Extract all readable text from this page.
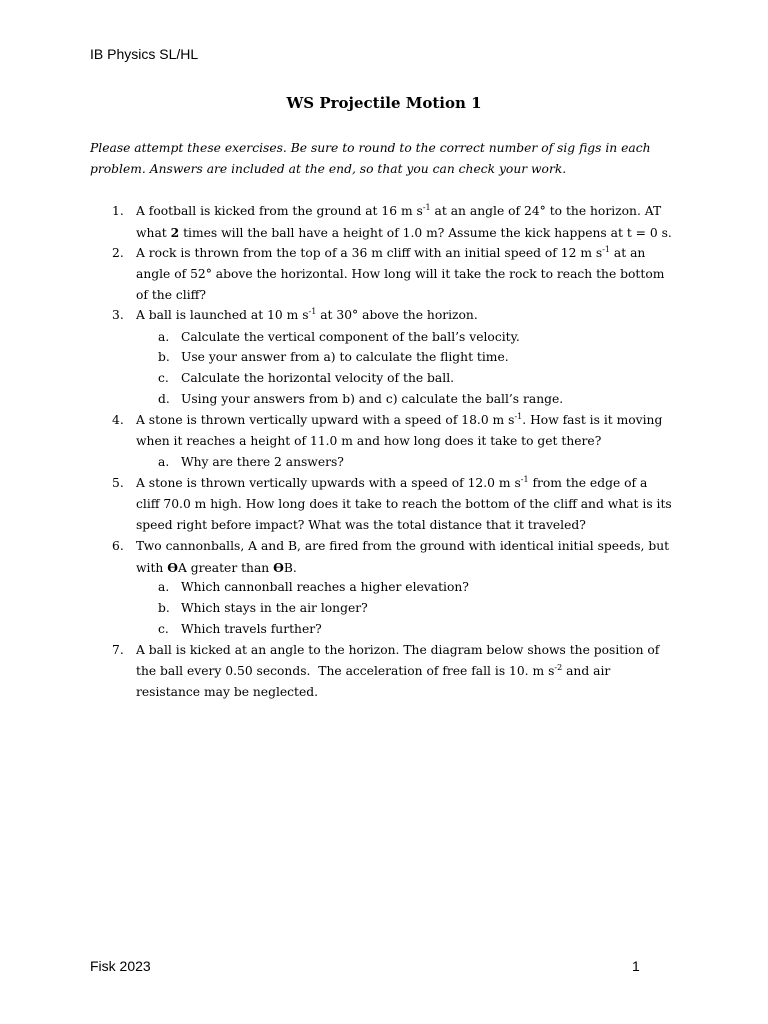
IB Physics SL/HL
WS Projectile Motion 1
Please attempt these exercises. Be sure to round to the correct number of sig figs in each problem. Answers are included at the end, so that you can check your work.
1. A football is kicked from the ground at 16 m $s^{-1}$ at an angle of 24° to the horizon. AT
what 2 times will the ball have a height of 1.0 m? Assume the kick happens at t = 0 s.
2. A rock is thrown from the top of a 36 m cliff with an initial speed of 12 m $s^{-1}$ at an
angle of 52° above the horizontal. How long will it take the rock to reach the bottom
of the cliff?
3. A ball is launched at 10 m $s^{-1}$ at 30° above the horizon.
a. Calculate the vertical component of the ball’s velocity.
b. Use your answer from a) to calculate the flight time.
c. Calculate the horizontal velocity of the ball.
d. Using your answers from b) and c) calculate the ball’s range.
4. A stone is thrown vertically upward with a speed of 18.0 m $s^{-1}$. How fast is it moving
when it reaches a height of 11.0 m and how long does it take to get there?
a. Why are there 2 answers?
5. A stone is thrown vertically upwards with a speed of 12.0 m $s^{-1}$ from the edge of a
cliff 70.0 m high. How long does it take to reach the bottom of the cliff and what is its
speed right before impact? What was the total distance that it traveled?
6. Two cannonballs, A and B, are fired from the ground with identical initial speeds, but
with ϴA greater than ϴB.
a. Which cannonball reaches a higher elevation?
b. Which stays in the air longer?
c. Which travels further?
7. A ball is kicked at an angle to the horizon. The diagram below shows the position of
the ball every 0.50 seconds.  The acceleration of free fall is 10. m $s^{-2}$ and air
resistance may be neglected.
Fisk 2023	1
